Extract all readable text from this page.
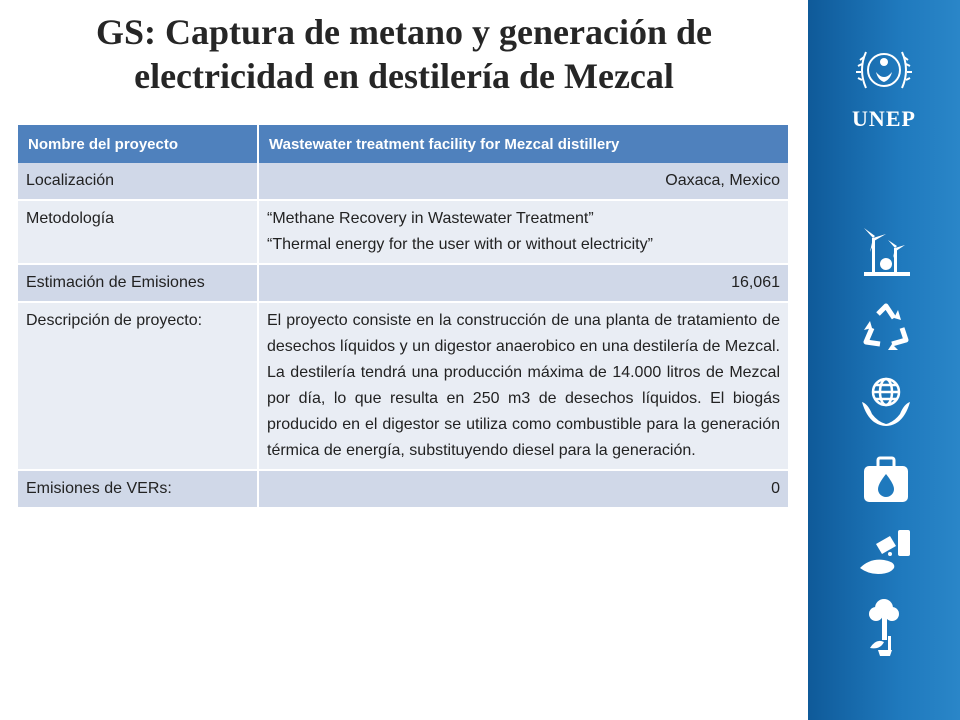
GS: Captura de metano y generación de
electricidad en destilería de Mezcal
Nombre del proyecto	Wastewater treatment facility for Mezcal distillery
Localización	Oaxaca, Mexico
Metodología	“Methane Recovery in Wastewater Treatment”
“Thermal energy for the user with or without electricity”

Estimación de Emisiones	16,061
Descripción de proyecto:	El proyecto consiste en la construcción de una planta de tratamiento de desechos líquidos y un digestor anaerobico en una destilería de Mezcal. La destilería tendrá una producción máxima de 14.000 litros de Mezcal por día, lo que resulta en 250 m3 de desechos líquidos. El biogás producido en el digestor se utiliza como combustible para la generación térmica de energía, substituyendo diesel para la generación.
Emisiones de VERs:	0
UNEP
